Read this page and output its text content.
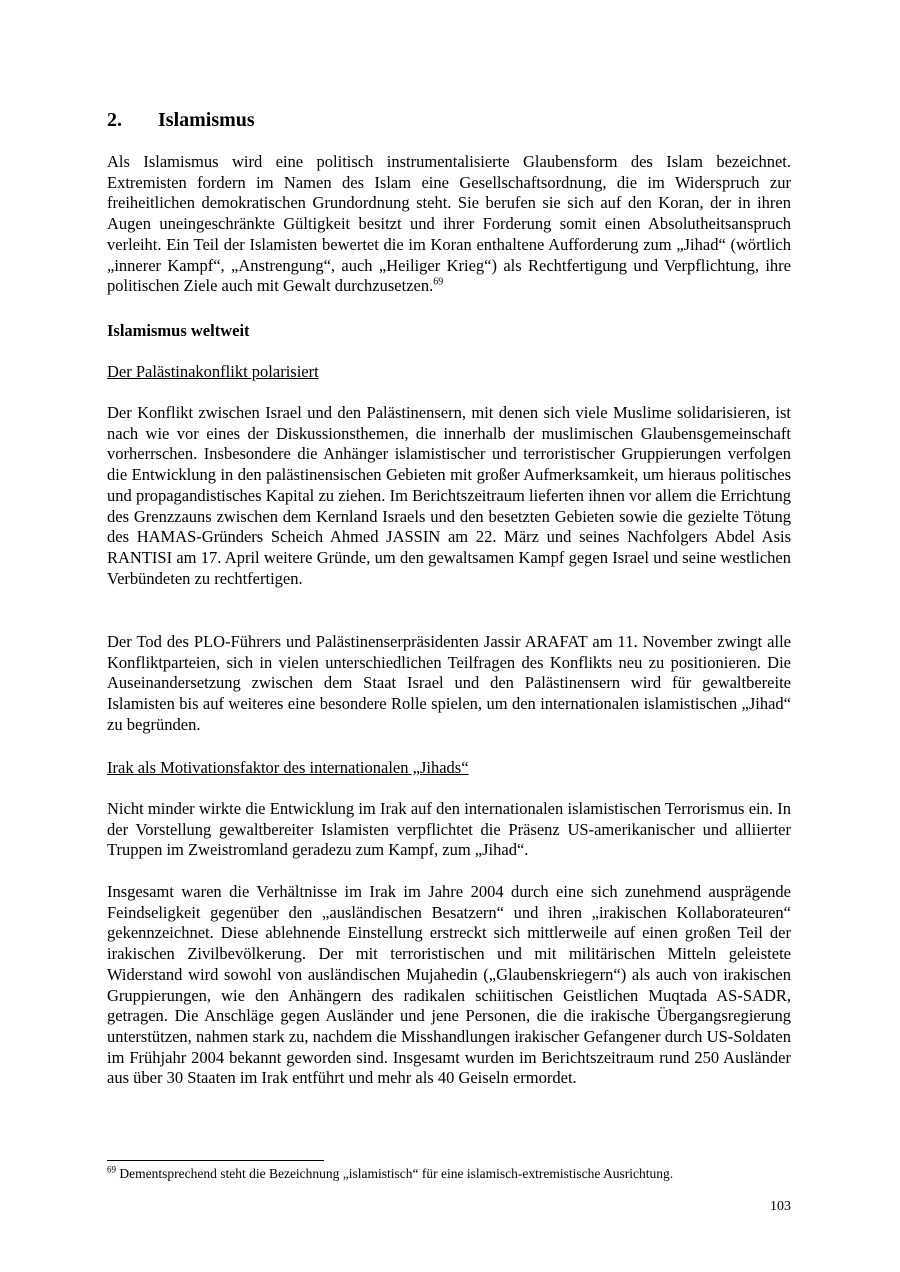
2. Islamismus

Als Islamismus wird eine politisch instrumentalisierte Glaubensform des Islam bezeichnet. Extremisten fordern im Namen des Islam eine Gesellschaftsordnung, die im Widerspruch zur freiheitlichen demokratischen Grundordnung steht. Sie berufen sie sich auf den Koran, der in ihren Augen uneingeschränkte Gültigkeit besitzt und ihrer Forderung somit einen Absolutheitsanspruch verleiht. Ein Teil der Islamisten bewertet die im Koran enthaltene Aufforderung zum „Jihad“ (wörtlich „innerer Kampf“, „Anstrengung“, auch „Heiliger Krieg“) als Rechtfertigung und Verpflichtung, ihre politischen Ziele auch mit Gewalt durchzusetzen.$^{69}$

Islamismus weltweit

Der Palästinakonflikt polarisiert

Der Konflikt zwischen Israel und den Palästinensern, mit denen sich viele Muslime solidarisieren, ist nach wie vor eines der Diskussionsthemen, die innerhalb der muslimischen Glaubensgemeinschaft vorherrschen. Insbesondere die Anhänger islamistischer und terroristischer Gruppierungen verfolgen die Entwicklung in den palästinensischen Gebieten mit großer Aufmerksamkeit, um hieraus politisches und propagandistisches Kapital zu ziehen. Im Berichtszeitraum lieferten ihnen vor allem die Errichtung des Grenzzauns zwischen dem Kernland Israels und den besetzten Gebieten sowie die gezielte Tötung des HAMAS-Gründers Scheich Ahmed JASSIN am 22. März und seines Nachfolgers Abdel Asis RANTISI am 17. April weitere Gründe, um den gewaltsamen Kampf gegen Israel und seine westlichen Verbündeten zu rechtfertigen.

Der Tod des PLO-Führers und Palästinenserpräsidenten Jassir ARAFAT am 11. November zwingt alle Konfliktparteien, sich in vielen unterschiedlichen Teilfragen des Konflikts neu zu positionieren. Die Auseinandersetzung zwischen dem Staat Israel und den Palästinensern wird für gewaltbereite Islamisten bis auf weiteres eine besondere Rolle spielen, um den internationalen islamistischen „Jihad“ zu begründen.

Irak als Motivationsfaktor des internationalen „Jihads“

Nicht minder wirkte die Entwicklung im Irak auf den internationalen islamistischen Terrorismus ein. In der Vorstellung gewaltbereiter Islamisten verpflichtet die Präsenz US-amerikanischer und alliierter Truppen im Zweistromland geradezu zum Kampf, zum „Jihad“.

Insgesamt waren die Verhältnisse im Irak im Jahre 2004 durch eine sich zunehmend ausprägende Feindseligkeit gegenüber den „ausländischen Besatzern“ und ihren „irakischen Kollaborateuren“ gekennzeichnet. Diese ablehnende Einstellung erstreckt sich mittlerweile auf einen großen Teil der irakischen Zivilbevölkerung. Der mit terroristischen und mit militärischen Mitteln geleistete Widerstand wird sowohl von ausländischen Mujahedin („Glaubenskriegern“) als auch von irakischen Gruppierungen, wie den Anhängern des radikalen schiitischen Geistlichen Muqtada AS-SADR, getragen. Die Anschläge gegen Ausländer und jene Personen, die die irakische Übergangsregierung unterstützen, nahmen stark zu, nachdem die Misshandlungen irakischer Gefangener durch US-Soldaten im Frühjahr 2004 bekannt geworden sind. Insgesamt wurden im Berichtszeitraum rund 250 Ausländer aus über 30 Staaten im Irak entführt und mehr als 40 Geiseln ermordet.

$^{69}$ Dementsprechend steht die Bezeichnung „islamistisch“ für eine islamisch-extremistische Ausrichtung.
103
